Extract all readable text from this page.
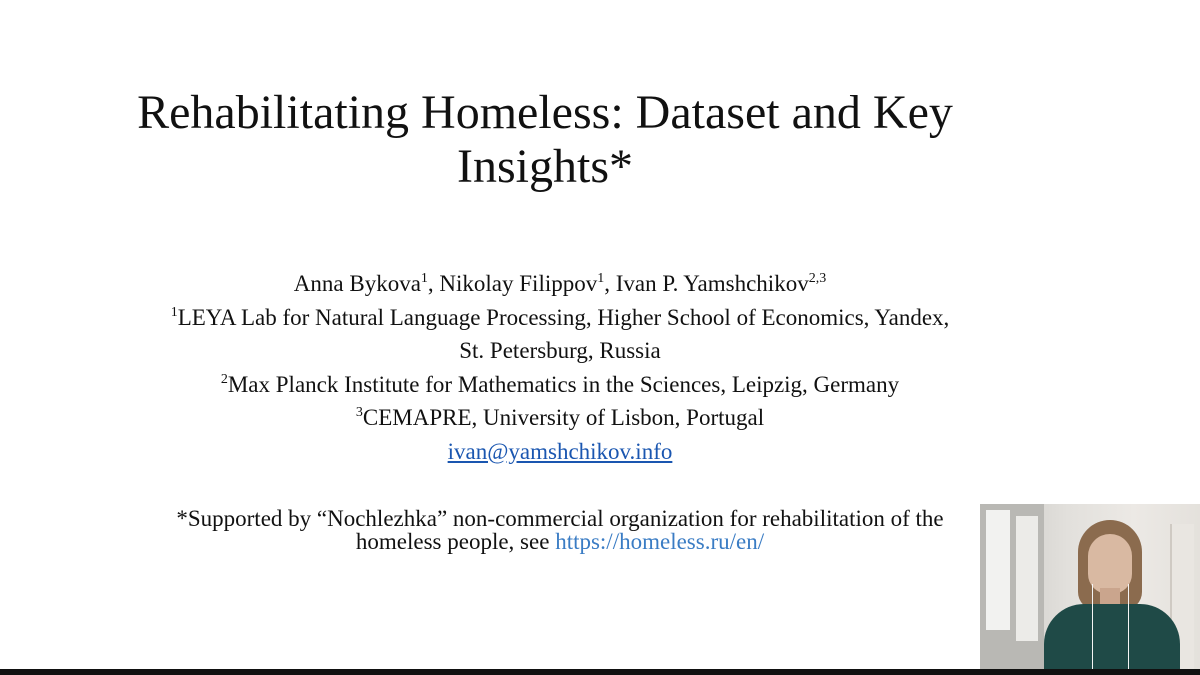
Rehabilitating Homeless: Dataset and Key Insights*
Anna Bykova$^1$, Nikolay Filippov$^1$, Ivan P. Yamshchikov$^{2,3}$
$^1$LEYA Lab for Natural Language Processing, Higher School of Economics, Yandex,
St. Petersburg, Russia
$^2$Max Planck Institute for Mathematics in the Sciences, Leipzig, Germany
$^3$CEMAPRE, University of Lisbon, Portugal
ivan@yamshchikov.info
*Supported by “Nochlezhka” non-commercial organization for rehabilitation of the
homeless people, see https://homeless.ru/en/
